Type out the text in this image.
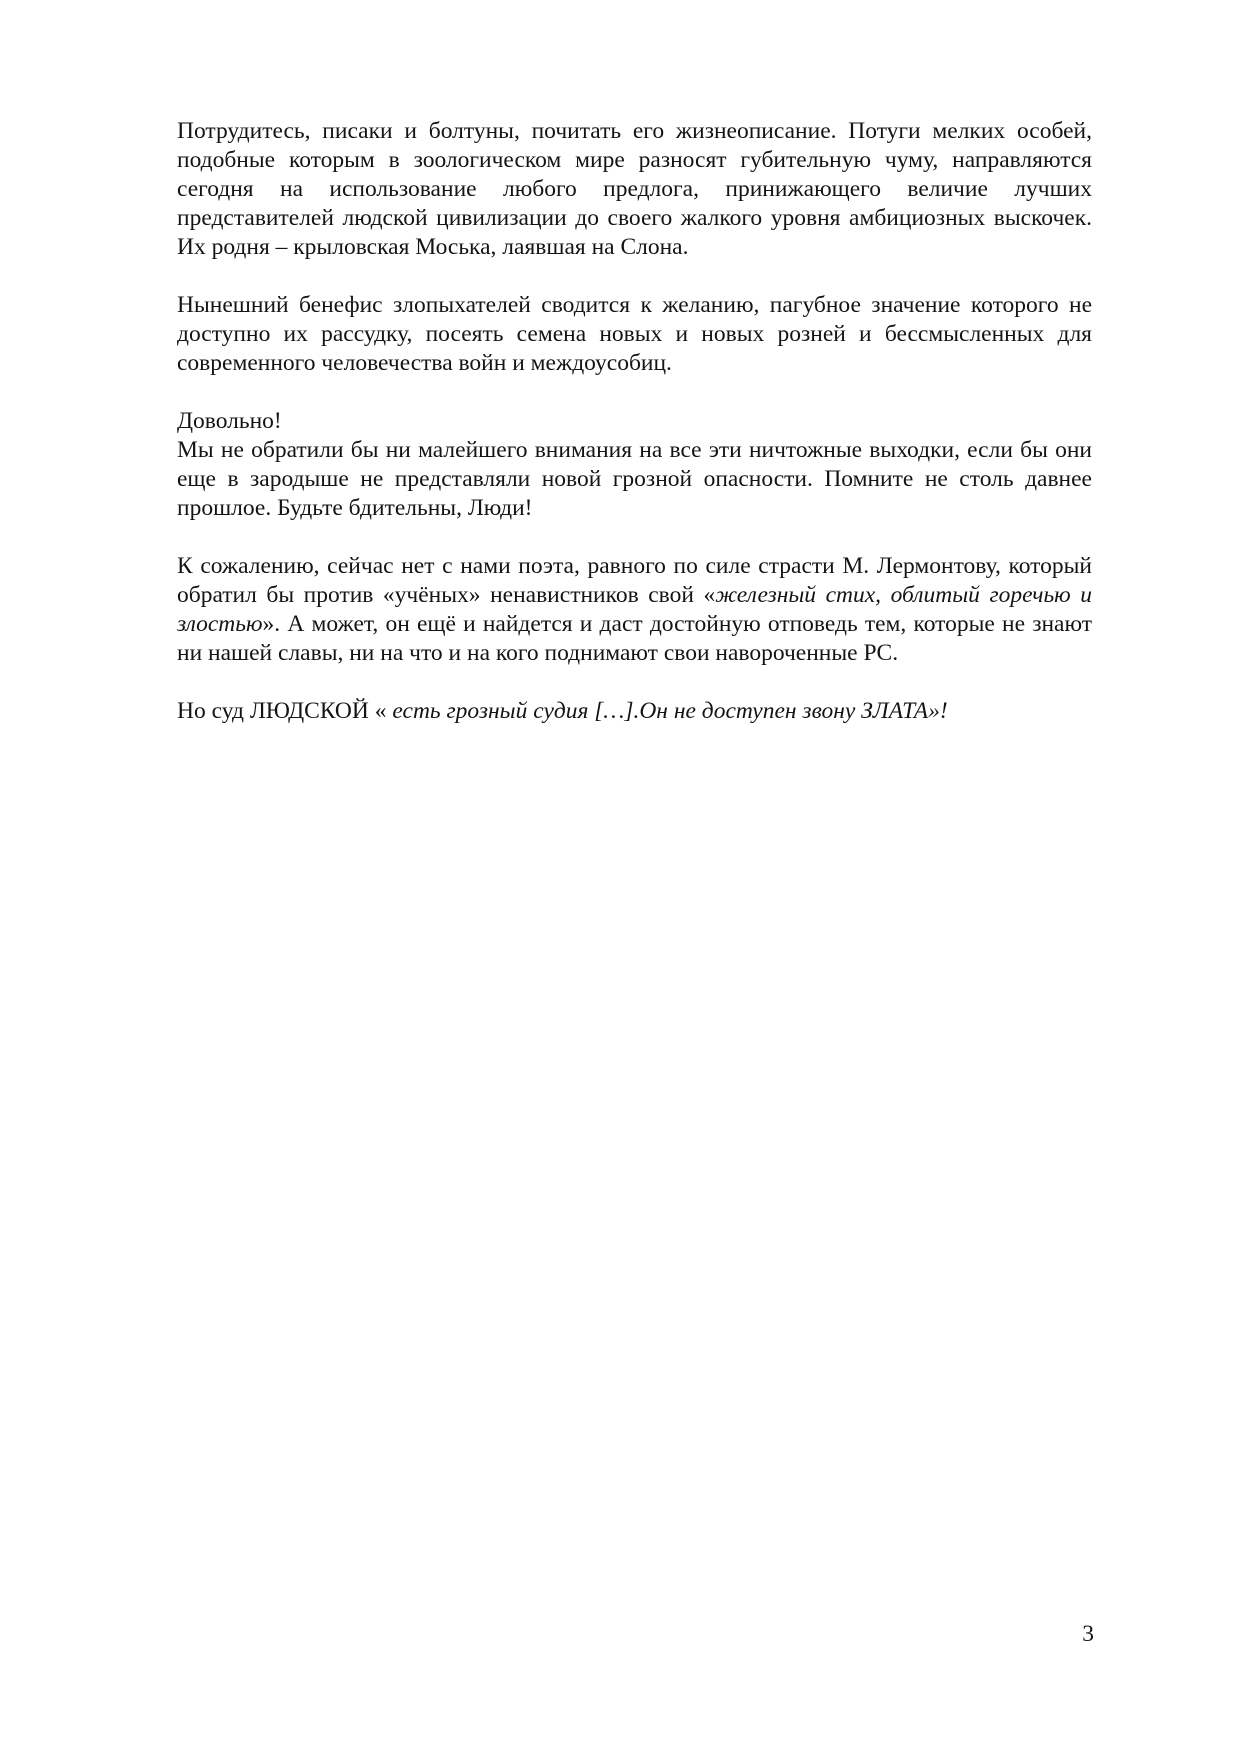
Потрудитесь, писаки и болтуны, почитать его жизнеописание. Потуги мелких особей, подобные которым в зоологическом мире разносят губительную чуму, направляются сегодня на использование любого предлога, принижающего величие лучших представителей людской цивилизации до своего жалкого уровня амбициозных выскочек. Их родня – крыловская Моська, лаявшая на Слона.

Нынешний бенефис злопыхателей сводится к желанию, пагубное значение которого не доступно их рассудку, посеять семена новых и новых розней и бессмысленных для современного человечества войн и междоусобиц.

Довольно!
Мы не обратили бы ни малейшего внимания на все эти ничтожные выходки, если бы они еще в зародыше не представляли новой грозной опасности. Помните не столь давнее прошлое. Будьте бдительны, Люди!

К сожалению, сейчас нет с нами поэта, равного по силе страсти М. Лермонтову, который обратил бы против «учёных» ненавистников свой «железный стих, облитый горечью и злостью». А может, он ещё и найдется и даст достойную отповедь тем, которые не знают ни нашей славы, ни на что и на кого поднимают свои навороченные PC.

Но суд ЛЮДСКОЙ « есть грозный судия […].Он не доступен звону ЗЛАТА»!

3
